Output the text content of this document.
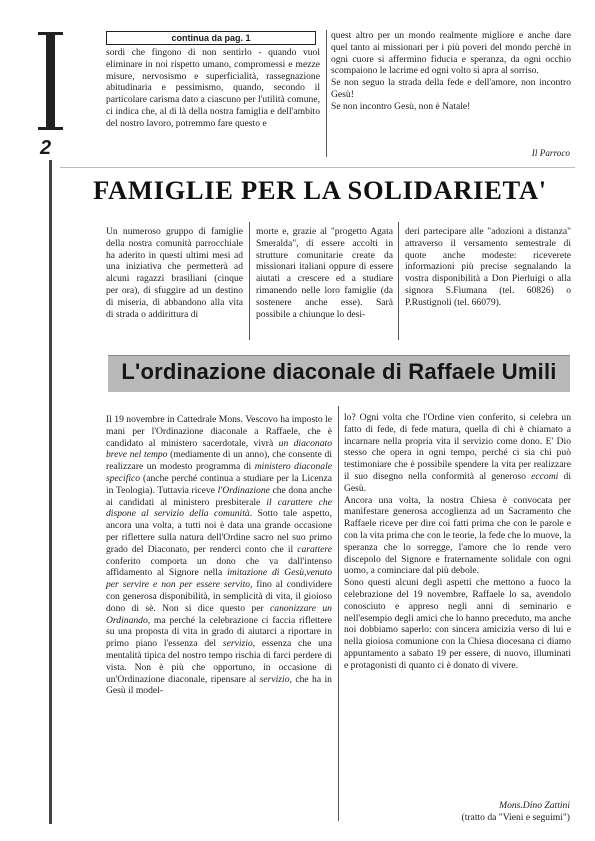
2
continua da pag. 1

sordi che fingono di non sentirlo - quando vuol eliminare in noi rispetto umano, compromessi e mezze misure, nervosismo e superficialità, rassegnazione abitudinaria e pessimismo, quando, secondo il particolare carisma dato a ciascuno per l'utilità comune, ci indica che, al di là della nostra famiglia e dell'ambito del nostro lavoro, potremmo fare questo e

quest altro per un mondo realmente migliore e anche dare quel tanto ai missionari per i più poveri del mondo perchè in ogni cuore si affermino fiducia e speranza, da ogni occhio scompaiono le lacrime ed ogni volto si apra al sorriso.

Se non seguo la strada della fede e dell'amore, non incontro Gesù!

Se non incontro Gesù, non è Natale!

Il Parroco
FAMIGLIE PER LA SOLIDARIETA'

Un numeroso gruppo di famiglie della nostra comunità parrocchiale ha aderito in questi ultimi mesi ad una iniziativa che permetterà ad alcuni ragazzi brasiliani (cinque per ora), di sfuggire ad un destino di miseria, di abbandono alla vita di strada o addirittura di

morte e, grazie al "progetto Agata Smeralda", di essere accolti in strutture comunitarie create da missionari italiani oppure di essere aiutati a crescere ed a studiare rimanendo nelle loro famiglie (da sostenere anche esse). Sarà possibile a chiunque lo desi-

deri partecipare alle "adozioni a distanza" attraverso il versamento semestrale di quote anche modeste: riceverete informazioni più precise segnalando la vostra disponibilità a Don Pierluigi o alla signora S.Fiumana (tel. 60826) o P.Rustignoli (tel. 66079).

L'ordinazione diaconale di Raffaele Umili

Il 19 novembre in Cattedrale Mons. Vescovo ha imposto le mani per l'Ordinazione diaconale a Raffaele, che è candidato al ministero sacerdotale, vivrà un diaconato breve nel tempo (mediamente di un anno), che consente di realizzare un modesto programma di ministero diaconale specifico (anche perché continua a studiare per la Licenza in Teologia). Tuttavia riceve l'Ordinazione che dona anche ai candidati al ministero presbiterale il carattere che dispone al servizio della comunità. Sotto tale aspetto, ancora una volta, a tutti noi è data una grande occasione per riflettere sulla natura dell'Ordine sacro nel suo primo grado del Diaconato, per renderci conto che il carattere conferito comporta un dono che va dall'intenso affidamento al Signore nella imitazione di Gesù,venuto per servire e non per essere servito, fino al condividere con generosa disponibilità, in semplicità di vita, il gioioso dono di sè. Non si dice questo per canonizzare un Ordinando, ma perché la celebrazione ci faccia riflettere su una proposta di vita in grado di aiutarci a riportare in primo piano l'essenza del servizio, essenza che una mentalità tipica del nostro tempo rischia di farci perdere di vista. Non è più che opportuno, in occasione di un'Ordinazione diaconale, ripensare al servizio, che ha in Gesù il model-

lo? Ogni volta che l'Ordine vien conferito, si celebra un fatto di fede, di fede matura, quella di chi è chiamato a incarnare nella propria vita il servizio come dono. E' Dio stesso che opera in ogni tempo, perché ci sia chi può testimoniare che è possibile spendere la vita per realizzare il suo disegno nella conformità al generoso eccomi di Gesù.

Ancora una volta, la nostra Chiesa è convocata per manifestare generosa accoglienza ad un Sacramento che Raffaele riceve per dire coi fatti prima che con le parole e con la vita prima che con le teorie, la fede che lo muove, la speranza che lo sorregge, l'amore che lo rende vero discepolo del Signore e fraternamente solidale con ogni uomo, a cominciare dal più debole.

Sono questi alcuni degli aspetti che mettono a fuoco la celebrazione del 19 novembre, Raffaele lo sa, avendolo conosciuto e appreso negli anni di seminario e nell'esempio degli amici che lo hanno preceduto, ma anche noi dobbiamo saperlo: con sincera amicizia verso di lui e nella gioiosa comunione con la Chiesa diocesana ci diamo appuntamento a sabato 19 per essere, di nuovo, illuminati e protagonisti di quanto ci è donato di vivere.

Mons.Dino Zattini
(tratto da "Vieni e seguimi")
